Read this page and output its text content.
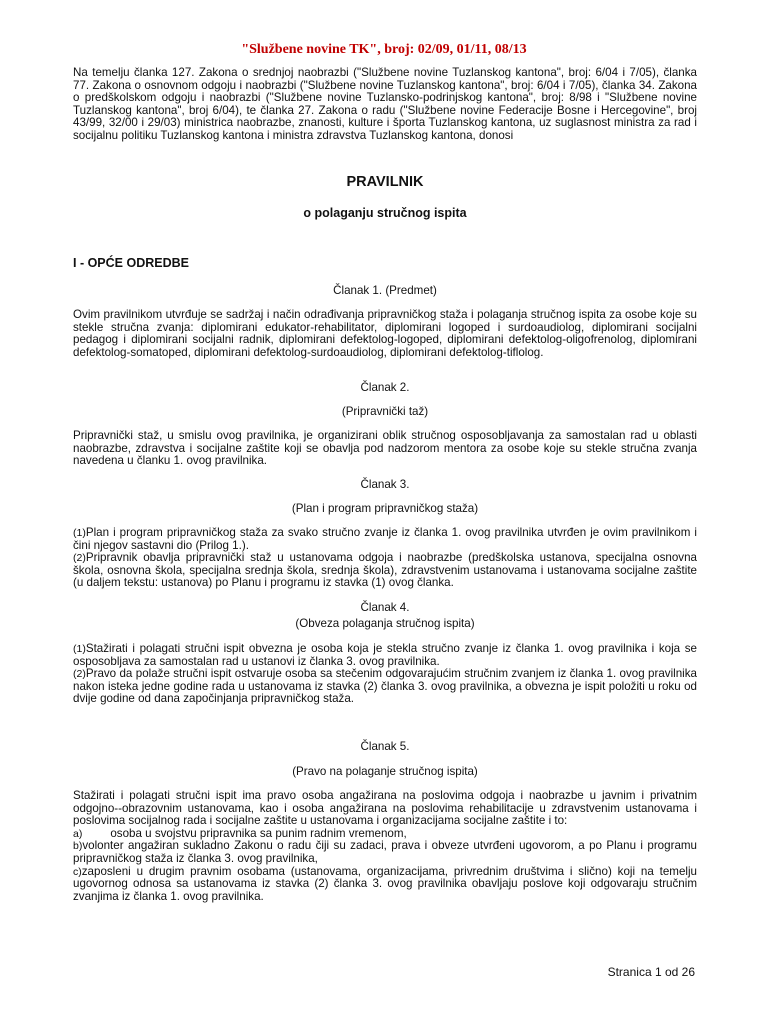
"Službene novine TK", broj: 02/09, 01/11, 08/13
Na temelju članka 127. Zakona o srednjoj naobrazbi ("Službene novine Tuzlanskog kantona", broj: 6/04 i 7/05), članka 77. Zakona o osnovnom odgoju i naobrazbi ("Službene novine Tuzlanskog kantona", broj: 6/04 i 7/05), članka 34. Zakona o predškolskom odgoju i naobrazbi ("Službene novine Tuzlansko-podrinjskog kantona", broj: 8/98 i "Službene novine Tuzlanskog kantona", broj 6/04), te članka 27. Zakona o radu ("Službene novine Federacije Bosne i Hercegovine", broj 43/99, 32/00 i 29/03) ministrica naobrazbe, znanosti, kulture i športa Tuzlanskog kantona, uz suglasnost ministra za rad i socijalnu politiku Tuzlanskog kantona i ministra zdravstva Tuzlanskog kantona, donosi
PRAVILNIK
o polaganju stručnog ispita
I - OPĆE ODREDBE
Članak 1. (Predmet)
Ovim pravilnikom utvrđuje se sadržaj i način odrađivanja pripravničkog staža i polaganja stručnog ispita za osobe koje su stekle stručna zvanja: diplomirani edukator-rehabilitator, diplomirani logoped i surdoaudiolog, diplomirani socijalni pedagog i diplomirani socijalni radnik, diplomirani defektolog-logoped, diplomirani defektolog-oligofrenolog, diplomirani defektolog-somatoped, diplomirani defektolog-surdoaudiolog, diplomirani defektolog-tiflolog.
Članak 2.
(Pripravnički taž)
Pripravnički staž, u smislu ovog pravilnika, je organizirani oblik stručnog osposobljavanja za samostalan rad u oblasti naobrazbe, zdravstva i socijalne zaštite koji se obavlja pod nadzorom mentora za osobe koje su stekle stručna zvanja navedena u članku 1. ovog pravilnika.
Članak 3.
(Plan i program pripravničkog staža)
(1)Plan i program pripravničkog staža za svako stručno zvanje iz članka 1. ovog pravilnika utvrđen je ovim pravilnikom i čini njegov sastavni dio (Prilog 1.).
(2)Pripravnik obavlja pripravnički staž u ustanovama odgoja i naobrazbe (predškolska ustanova, specijalna osnovna škola, osnovna škola, specijalna srednja škola, srednja škola), zdravstvenim ustanovama i ustanovama socijalne zaštite (u daljem tekstu: ustanova) po Planu i programu iz stavka (1) ovog članka.
Članak 4.
(Obveza polaganja stručnog ispita)
(1)Stažirati i polagati stručni ispit obvezna je osoba koja je stekla stručno zvanje iz članka 1. ovog pravilnika i koja se osposobljava za samostalan rad u ustanovi iz članka 3. ovog pravilnika.
(2)Pravo da polaže stručni ispit ostvaruje osoba sa stečenim odgovarajućim stručnim zvanjem iz članka 1. ovog pravilnika nakon isteka jedne godine rada u ustanovama iz stavka (2) članka 3. ovog pravilnika, a obvezna je ispit položiti u roku od dvije godine od dana započinjanja pripravničkog staža.
Članak 5.
(Pravo na polaganje stručnog ispita)
Stažirati i polagati stručni ispit ima pravo osoba angažirana na poslovima odgoja i naobrazbe u javnim i privatnim odgojno--obrazovnim ustanovama, kao i osoba angažirana na poslovima rehabilitacije u zdravstvenim ustanovama i poslovima socijalnog rada i socijalne zaštite u ustanovama i organizacijama socijalne zaštite i to:
a) osoba u svojstvu pripravnika sa punim radnim vremenom,
b)volonter angažiran sukladno Zakonu o radu čiji su zadaci, prava i obveze utvrđeni ugovorom, a po Planu i programu pripravničkog staža iz članka 3. ovog pravilnika,
c)zaposleni u drugim pravnim osobama (ustanovama, organizacijama, privrednim društvima i slično) koji na temelju ugovornog odnosa sa ustanovama iz stavka (2) članka 3. ovog pravilnika obavljaju poslove koji odgovaraju stručnim zvanjima iz članka 1. ovog pravilnika.
Stranica 1 od 26
